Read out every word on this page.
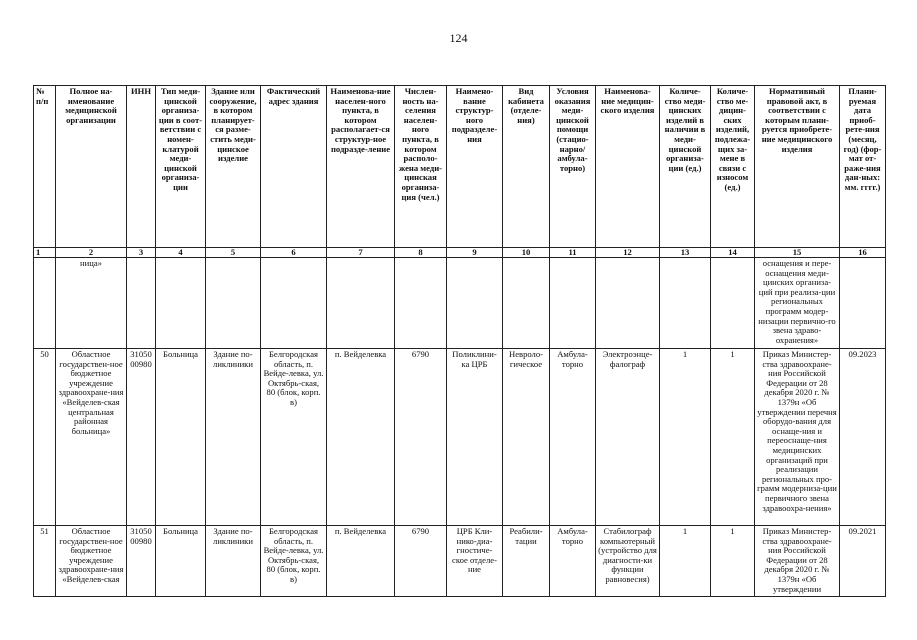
124
№ п/п	Полное на-именование медицинской организации	ИНН	Тип меди-цинской организа-ции в соот-ветствии с номен-клатурой меди-цинской организа-ции	Здание или сооружение, в котором планирует-ся разме-стить меди-цинское изделие	Фактический адрес здания	Наименова-ние населен-ного пункта, в котором располагает-ся структур-ное подразде-ление	Числен-ность на-селения населен-ного пункта, в котором располо-жена меди-цинская организа-ция (чел.)	Наимено-вание структур-ного подразделе-ния	Вид кабинета (отделе-ния)	Условия оказания меди-цинской помощи (стацио-нарно/ амбула-торно)	Наименова-ние медицин-ского изделия	Количе-ство меди-цинских изделий в наличии в меди-цинской организа-ции (ед.)	Количе-ство ме-дицин-ских изделий, подлежа-щих за-мене в связи с износом (ед.)	Нормативный правовой акт, в соответствии с которым плани-руется приобрете-ние медицинского изделия	Плани-руемая дата приоб-рете-ния (месяц, год) (фор-мат от-раже-ния дан-ных: мм. гггг.)
1	2	3	4	5	6	7	8	9	10	11	12	13	14	15	16
	ница»													оснащения и пере-оснащения меди-цинских организа-ций при реализа-ции региональных программ модер-низации первично-го звена здраво-охранения»	
50	Областное государствен-ное бюджетное учреждение здравоохране-ния «Вейделев-ская центральная районная больница»	3105000980	Больница	Здание по-ликлиники	Белгородская область, п. Вейде-левка, ул. Октябрь-ская, 80 (блок, корп. в)	п. Вейделевка	6790	Поликлини-ка ЦРБ	Невроло-гическое	Амбула-торно	Электроэнце-фалограф	1	1	Приказ Министер-ства здравоохране-ния Российской Федерации от 28 декабря 2020 г. № 1379н «Об утверждении перечня оборудо-вания для оснаще-ния и переоснаще-ния медицинских организаций при реализации региональных про-грамм модерниза-ции первичного звена здравоохра-нения»	09.2023
51	Областное государствен-ное бюджетное учреждение здравоохране-ния «Вейделев-ская	3105000980	Больница	Здание по-ликлиники	Белгородская область, п. Вейде-левка, ул. Октябрь-ская, 80 (блок, корп. в)	п. Вейделевка	6790	ЦРБ Кли-нико-диа-гностиче-ское отделе-ние	Реабили-тации	Амбула-торно	Стабилограф компьютерный (устройство для диагности-ки функции равновесия)	1	1	Приказ Министер-ства здравоохране-ния Российской Федерации от 28 декабря 2020 г. № 1379н «Об утверждении	09.2021
